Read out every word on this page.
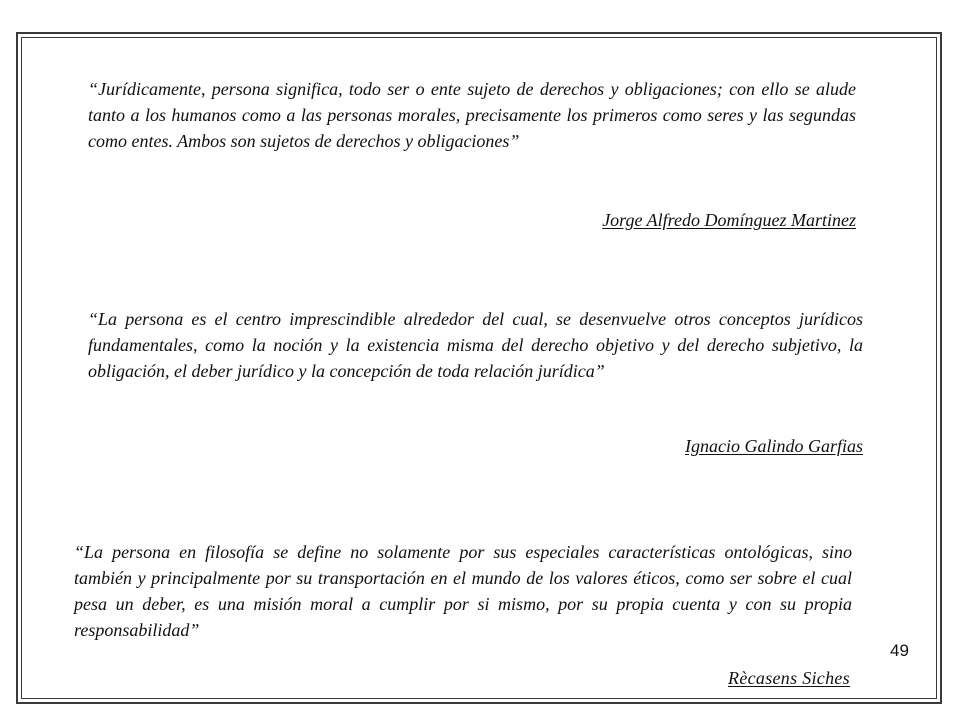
“Jurídicamente, persona significa, todo ser o ente sujeto de derechos y obligaciones; con ello se alude tanto a los humanos como a las personas morales, precisamente los primeros como seres y las segundas como entes. Ambos son sujetos de derechos y obligaciones”

Jorge Alfredo Domínguez Martinez

“La persona es el centro imprescindible alrededor del cual, se desenvuelve otros conceptos jurídicos fundamentales, como la noción y la existencia misma del derecho objetivo y del derecho subjetivo, la obligación, el deber jurídico y la concepción de toda relación jurídica”

Ignacio Galindo Garfias

“La persona en filosofía se define no solamente por sus especiales características ontológicas, sino también y principalmente por su transportación en el mundo de los valores éticos, como ser sobre el cual pesa un deber, es una misión moral a cumplir por si mismo, por su propia cuenta y con su propia responsabilidad”

Rècasens Siches
49
